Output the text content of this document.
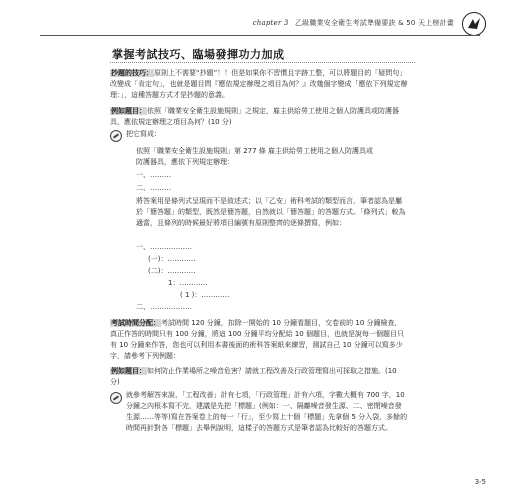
chapter 3 乙級職業安全衛生考試準備要訣 & 50 天上榜計畫
掌握考試技巧、臨場發揮功力加成
抄題的技巧：原則上不需要“抄題”！！但是如果你不習慣且字跡工整，可以將題目的「疑問句」改變成「肯定句」，也就是題目問『應依規定辦理之項目為何？』改幾個字變成「應依下列規定辦理：」，這種答題方式才是抄題的意義。
例如題目：依照「職業安全衛生設施規則」之規定，雇主供給勞工使用之個人防護具或防護器具，應依規定辦理之項目為何？(10 分)
把它寫成：
依照「職業安全衛生設施規則」第 277 條 雇主供給勞工使用之個人防護具或
防護器具，應依下列規定辦理：
一、………
二、………
將答案用是條列式呈現而不是敘述式；以「乙安」術科考試的類型而言，筆者認為是屬於「簡答題」的類型，既然是簡答題，自然就以「簡答題」的答題方式。「條列式」較為適當，且條列的時候最好將項目編號有原則整齊的逐條撰寫，例如：
一、………………
(一)：…………
(二)：…………
1：…………
( 1 )：…………
二、………………
考試時間分配：考試時間 120 分鐘，扣除一開始的 10 分鐘看題目，交卷前的 10 分鐘檢查，真正作答的時間只有 100 分鐘，將這 100 分鐘平均分配給 10 個題目，也就是說每一個題目只有 10 分鐘來作答，您也可以利用本書後面的術科答案紙來練習，測試自己 10 分鐘可以寫多少字，請參考下列例題：
例如題目：如何防止作業場所之噪音危害？請就工程改善及行政管理寫出可採取之措施。(10 分)
就參考解答來說，「工程改善」計有七項，「行政管理」計有六項，字數大概有 700 字，10 分鐘之內根本寫不完，建議是先把「標題」(例如：一、隔離噪音發生源、二、密閉噪音發生源……等等)寫在答案卷上的每一「行」，至少寫上十個「標題」先拿個 5 分入袋，多餘的時間再針對各「標題」去舉例說明，這樣子的答題方式是筆者認為比較好的答題方式。
3-5
